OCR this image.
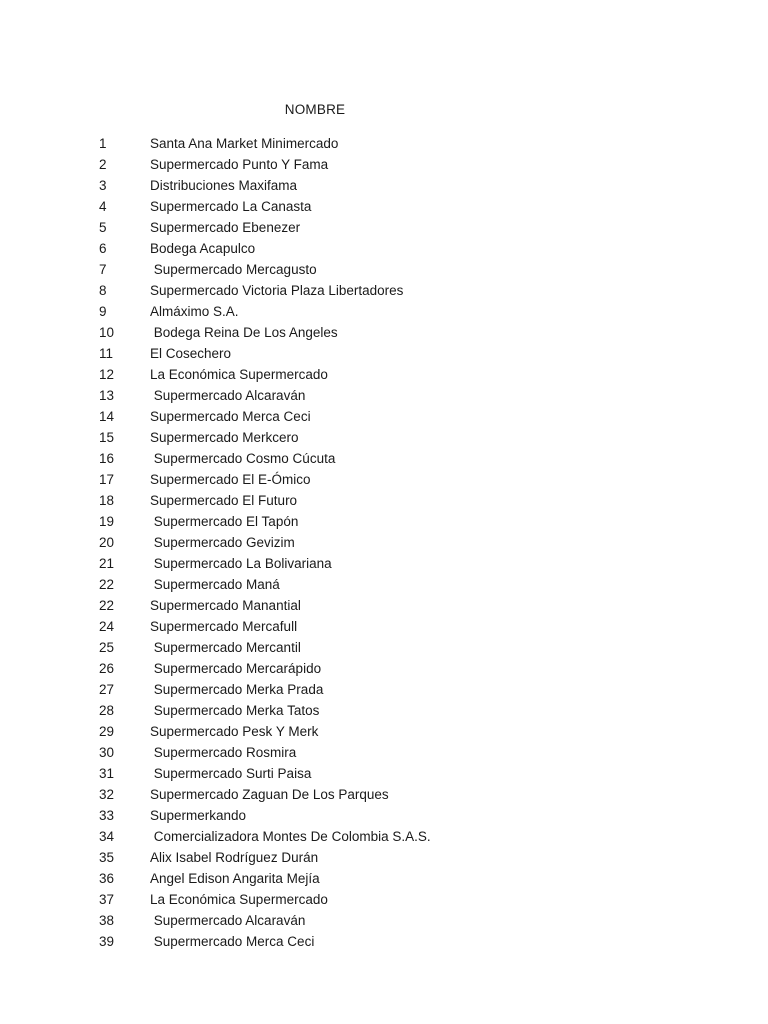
NOMBRE
1	Santa Ana Market Minimercado
2	Supermercado Punto Y Fama
3	Distribuciones Maxifama
4	Supermercado La Canasta
5	Supermercado Ebenezer
6	Bodega Acapulco
7	Supermercado Mercagusto
8	Supermercado Victoria Plaza Libertadores
9	Almáximo S.A.
10	Bodega Reina De Los Angeles
11	El Cosechero
12	La Económica Supermercado
13	Supermercado Alcaraván
14	Supermercado Merca Ceci
15	Supermercado Merkcero
16	Supermercado Cosmo Cúcuta
17	Supermercado El E-Ómico
18	Supermercado El Futuro
19	Supermercado El Tapón
20	Supermercado Gevizim
21	Supermercado La Bolivariana
22	Supermercado Maná
22	Supermercado Manantial
24	Supermercado Mercafull
25	Supermercado Mercantil
26	Supermercado Mercarápido
27	Supermercado Merka Prada
28	Supermercado Merka Tatos
29	Supermercado Pesk Y Merk
30	Supermercado Rosmira
31	Supermercado Surti Paisa
32	Supermercado Zaguan De Los Parques
33	Supermerkando
34	Comercializadora Montes De Colombia S.A.S.
35	Alix Isabel Rodríguez Durán
36	Angel Edison Angarita Mejía
37	La Económica Supermercado
38	Supermercado Alcaraván
39	Supermercado Merca Ceci
